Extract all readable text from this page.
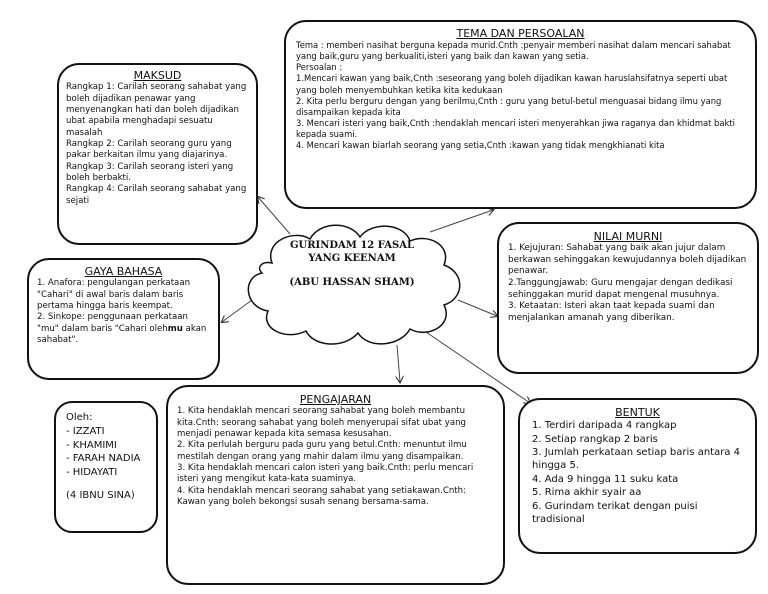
GURINDAM 12 FASAL
YANG KEENAM
(ABU HASSAN SHAM)
MAKSUD
Rangkap 1: Carilah seorang sahabat yang boleh dijadikan penawar yang menyenangkan hati dan boleh dijadikan ubat apabila menghadapi sesuatu masalah
Rangkap 2: Carilah seorang guru yang pakar berkaitan ilmu yang diajarinya.
Rangkap 3: Carilah seorang isteri yang boleh berbakti.
Rangkap 4: Carilah seorang sahabat yang sejati
TEMA DAN PERSOALAN

Tema : memberi nasihat berguna kepada murid.Cnth :penyair memberi nasihat dalam mencari sahabat yang baik,guru yang berkualiti,isteri yang baik dan kawan yang setia.

Persoalan :

1.Mencari kawan yang baik,Cnth :seseorang yang boleh dijadikan kawan haruslahsifatnya seperti ubat yang boleh menyembuhkan ketika kita kedukaan
2. Kita perlu berguru dengan yang berilmu,Cnth : guru yang betul-betul menguasai bidang ilmu yang disampaikan kepada kita
3. Mencari isteri yang baik,Cnth :hendaklah mencari isteri menyerahkan jiwa raganya dan khidmat bakti kepada suami.
4. Mencari kawan biarlah seorang yang setia,Cnth :kawan yang tidak mengkhianati kita
GAYA BAHASA

1. Anafora: pengulangan perkataan "Cahari" di awal baris dalam baris pertama hingga baris keempat.

2. Sinkope: penggunaan perkataan "mu" dalam baris "Cahari olehmu akan sahabat".

NILAI MURNI
1. Kejujuran: Sahabat yang baik akan jujur dalam berkawan sehinggakan kewujudannya boleh dijadikan penawar.
2.Tanggungjawab: Guru mengajar dengan dedikasi sehinggakan murid dapat mengenal musuhnya.
3. Ketaatan: Isteri akan taat kepada suami dan menjalankan amanah yang diberikan.
PENGAJARAN
1. Kita hendaklah mencari seorang sahabat yang boleh membantu kita.Cnth: seorang sahabat yang boleh menyerupai sifat ubat yang menjadi penawar kepada kita semasa kesusahan.
2. Kita perlulah berguru pada guru yang betul.Cnth: menuntut ilmu mestilah dengan orang yang mahir dalam ilmu yang disampaikan.
3. Kita hendaklah mencari calon isteri yang baik.Cnth: perlu mencari isteri yang mengikut kata-kata suaminya.
4. Kita hendaklah mencari seorang sahabat yang setiakawan.Cnth: Kawan yang boleh bekongsi susah senang bersama-sama.
BENTUK
1. Terdiri daripada 4 rangkap
2. Setiap rangkap 2 baris
3. Jumlah perkataan setiap baris antara 4 hingga 5.
4. Ada 9 hingga 11 suku kata
5. Rima akhir syair aa
6. Gurindam terikat dengan puisi tradisional
Oleh:
- IZZATI
- KHAMIMI
- FARAH NADIA
- HIDAYATI
(4 IBNU SINA)
